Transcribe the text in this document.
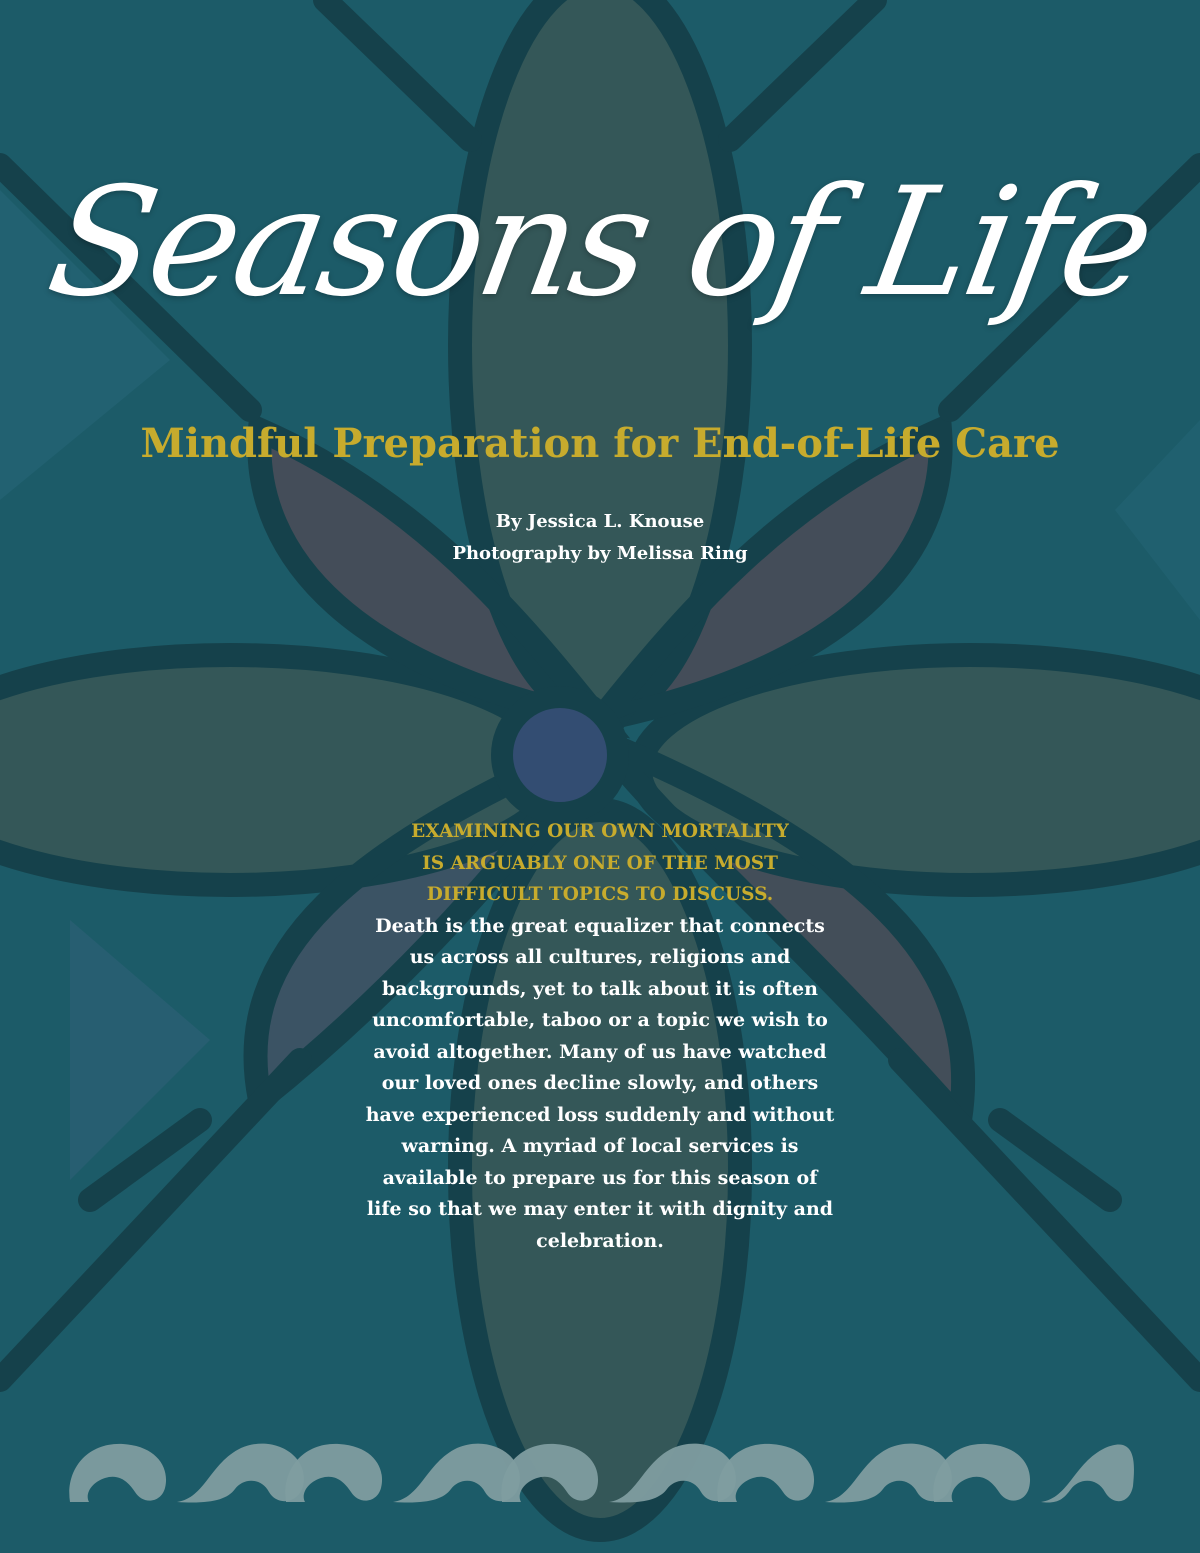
Seasons of Life
Mindful Preparation for End-of-Life Care
By Jessica L. Knouse
Photography by Melissa Ring
EXAMINING OUR OWN MORTALITY
IS ARGUABLY ONE OF THE MOST
DIFFICULT TOPICS TO DISCUSS.
Death is the great equalizer that connects
us across all cultures, religions and
backgrounds, yet to talk about it is often
uncomfortable, taboo or a topic we wish to
avoid altogether. Many of us have watched
our loved ones decline slowly, and others
have experienced loss suddenly and without
warning. A myriad of local services is
available to prepare us for this season of
life so that we may enter it with dignity and
celebration.
